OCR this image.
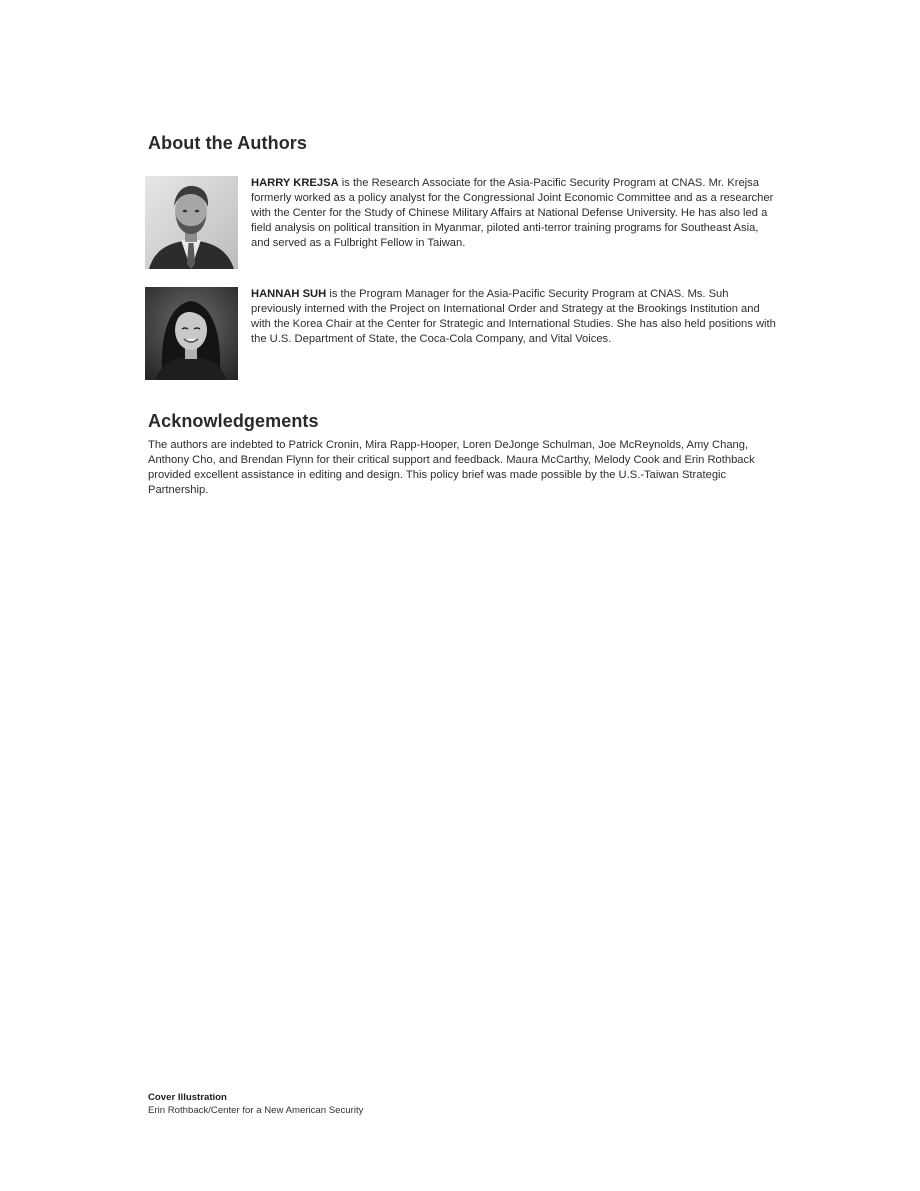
About the Authors

HARRY KREJSA is the Research Associate for the Asia-Pacific Security Program at CNAS. Mr. Krejsa formerly worked as a policy analyst for the Congressional Joint Economic Committee and as a researcher with the Center for the Study of Chinese Military Affairs at National Defense University. He has also led a field analysis on political transition in Myanmar, piloted anti-terror training programs for Southeast Asia, and served as a Fulbright Fellow in Taiwan.

HANNAH SUH is the Program Manager for the Asia-Pacific Security Program at CNAS. Ms. Suh previously interned with the Project on International Order and Strategy at the Brookings Institution and with the Korea Chair at the Center for Strategic and International Studies. She has also held positions with the U.S. Department of State, the Coca-Cola Company, and Vital Voices.

Acknowledgements

The authors are indebted to Patrick Cronin, Mira Rapp-Hooper, Loren DeJonge Schulman, Joe McReynolds, Amy Chang, Anthony Cho, and Brendan Flynn for their critical support and feedback. Maura McCarthy, Melody Cook and Erin Rothback provided excellent assistance in editing and design. This policy brief was made possible by the U.S.-Taiwan Strategic Partnership.

Cover Illustration
Erin Rothback/Center for a New American Security
